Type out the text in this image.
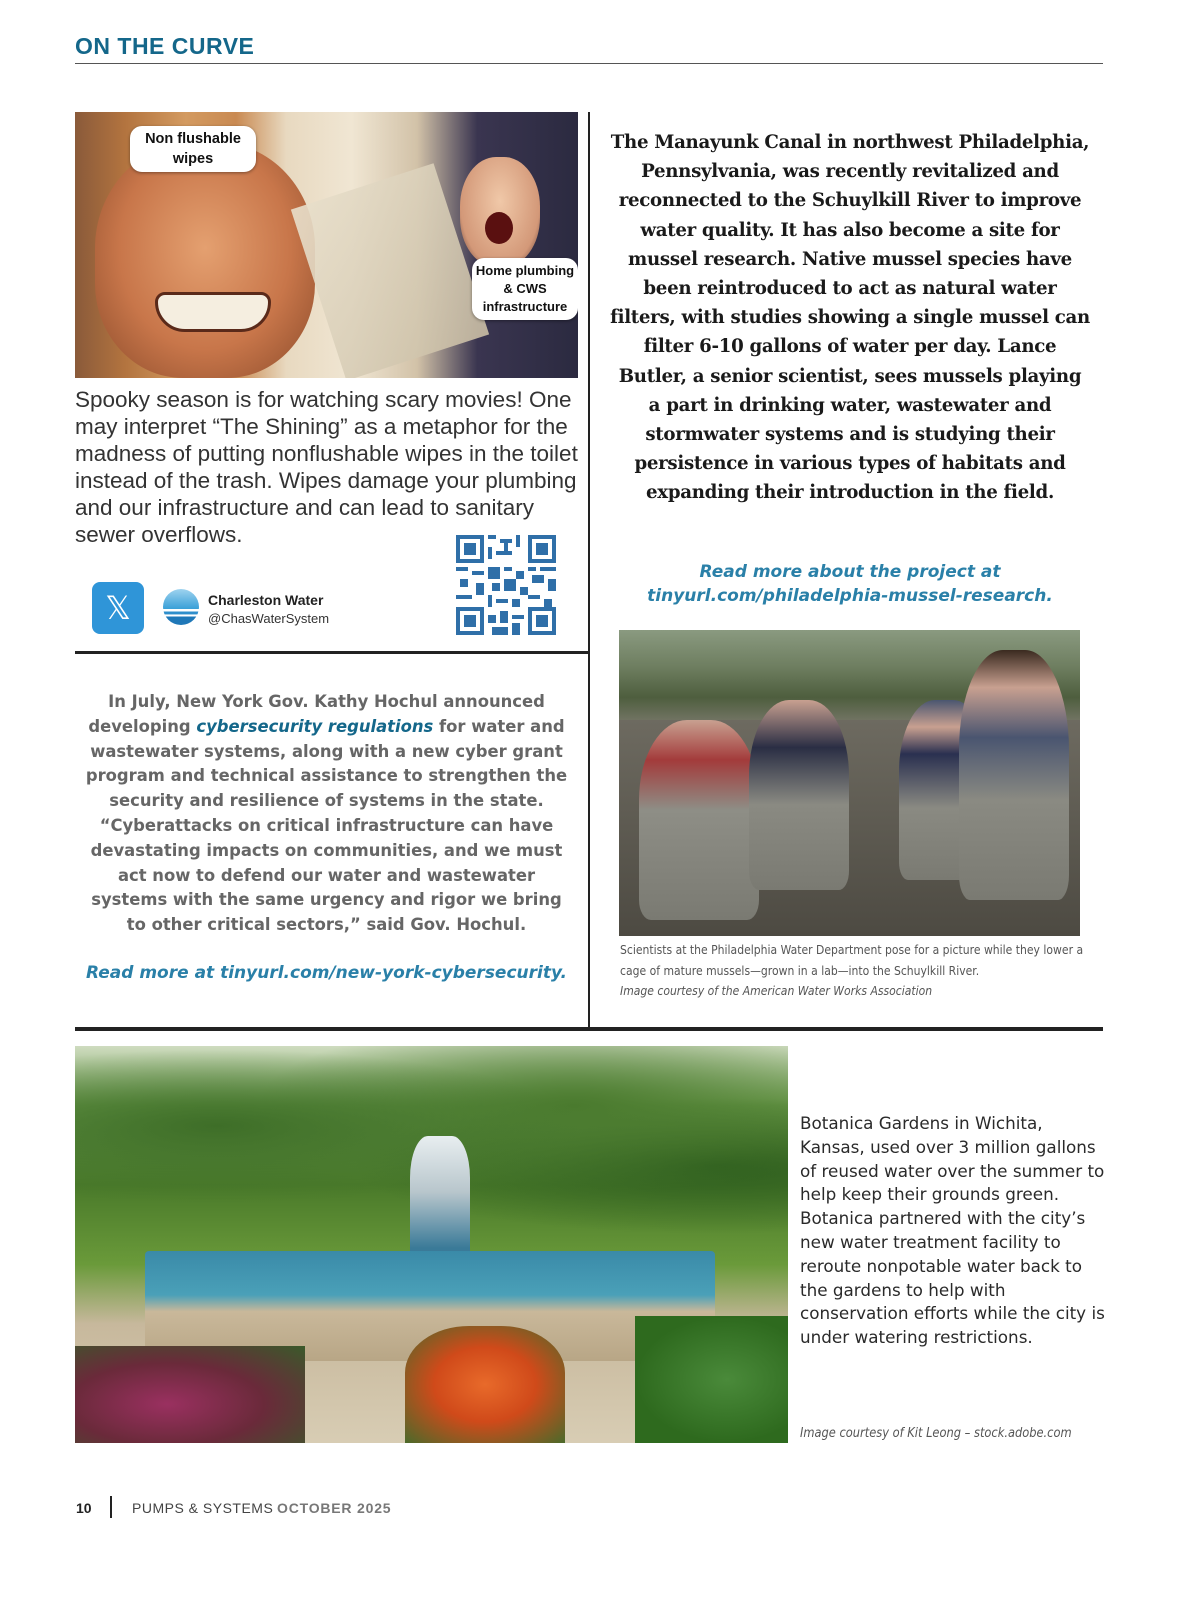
ON THE CURVE
Non flushable wipes
Home plumbing & CWS infrastructure
Spooky season is for watching scary movies! One may interpret “The Shining” as a metaphor for the madness of putting nonflushable wipes in the toilet instead of the trash. Wipes damage your plumbing and our infrastructure and can lead to sanitary sewer overflows.
𝕏	Charleston Water
@ChasWaterSystem
In July, New York Gov. Kathy Hochul announced developing cybersecurity regulations for water and wastewater systems, along with a new cyber grant program and technical assistance to strengthen the security and resilience of systems in the state. “Cyberattacks on critical infrastructure can have devastating impacts on communities, and we must act now to defend our water and wastewater systems with the same urgency and rigor we bring to other critical sectors,” said Gov. Hochul.
Read more at tinyurl.com/new-york-cybersecurity.
The Manayunk Canal in northwest Philadelphia, Pennsylvania, was recently revitalized and reconnected to the Schuylkill River to improve water quality. It has also become a site for mussel research. Native mussel species have been reintroduced to act as natural water filters, with studies showing a single mussel can filter 6-10 gallons of water per day. Lance Butler, a senior scientist, sees mussels playing a part in drinking water, wastewater and stormwater systems and is studying their persistence in various types of habitats and expanding their introduction in the field.
Read more about the project at
tinyurl.com/philadelphia-mussel-research.
Scientists at the Philadelphia Water Department pose for a picture while they lower a cage of mature mussels—grown in a lab—into the Schuylkill River.
Image courtesy of the American Water Works Association
Botanica Gardens in Wichita, Kansas, used over 3 million gallons of reused water over the summer to help keep their grounds green. Botanica partnered with the city’s new water treatment facility to reroute nonpotable water back to the gardens to help with conservation efforts while the city is under watering restrictions.
Image courtesy of Kit Leong – stock.adobe.com
10	PUMPS & SYSTEMS OCTOBER 2025
